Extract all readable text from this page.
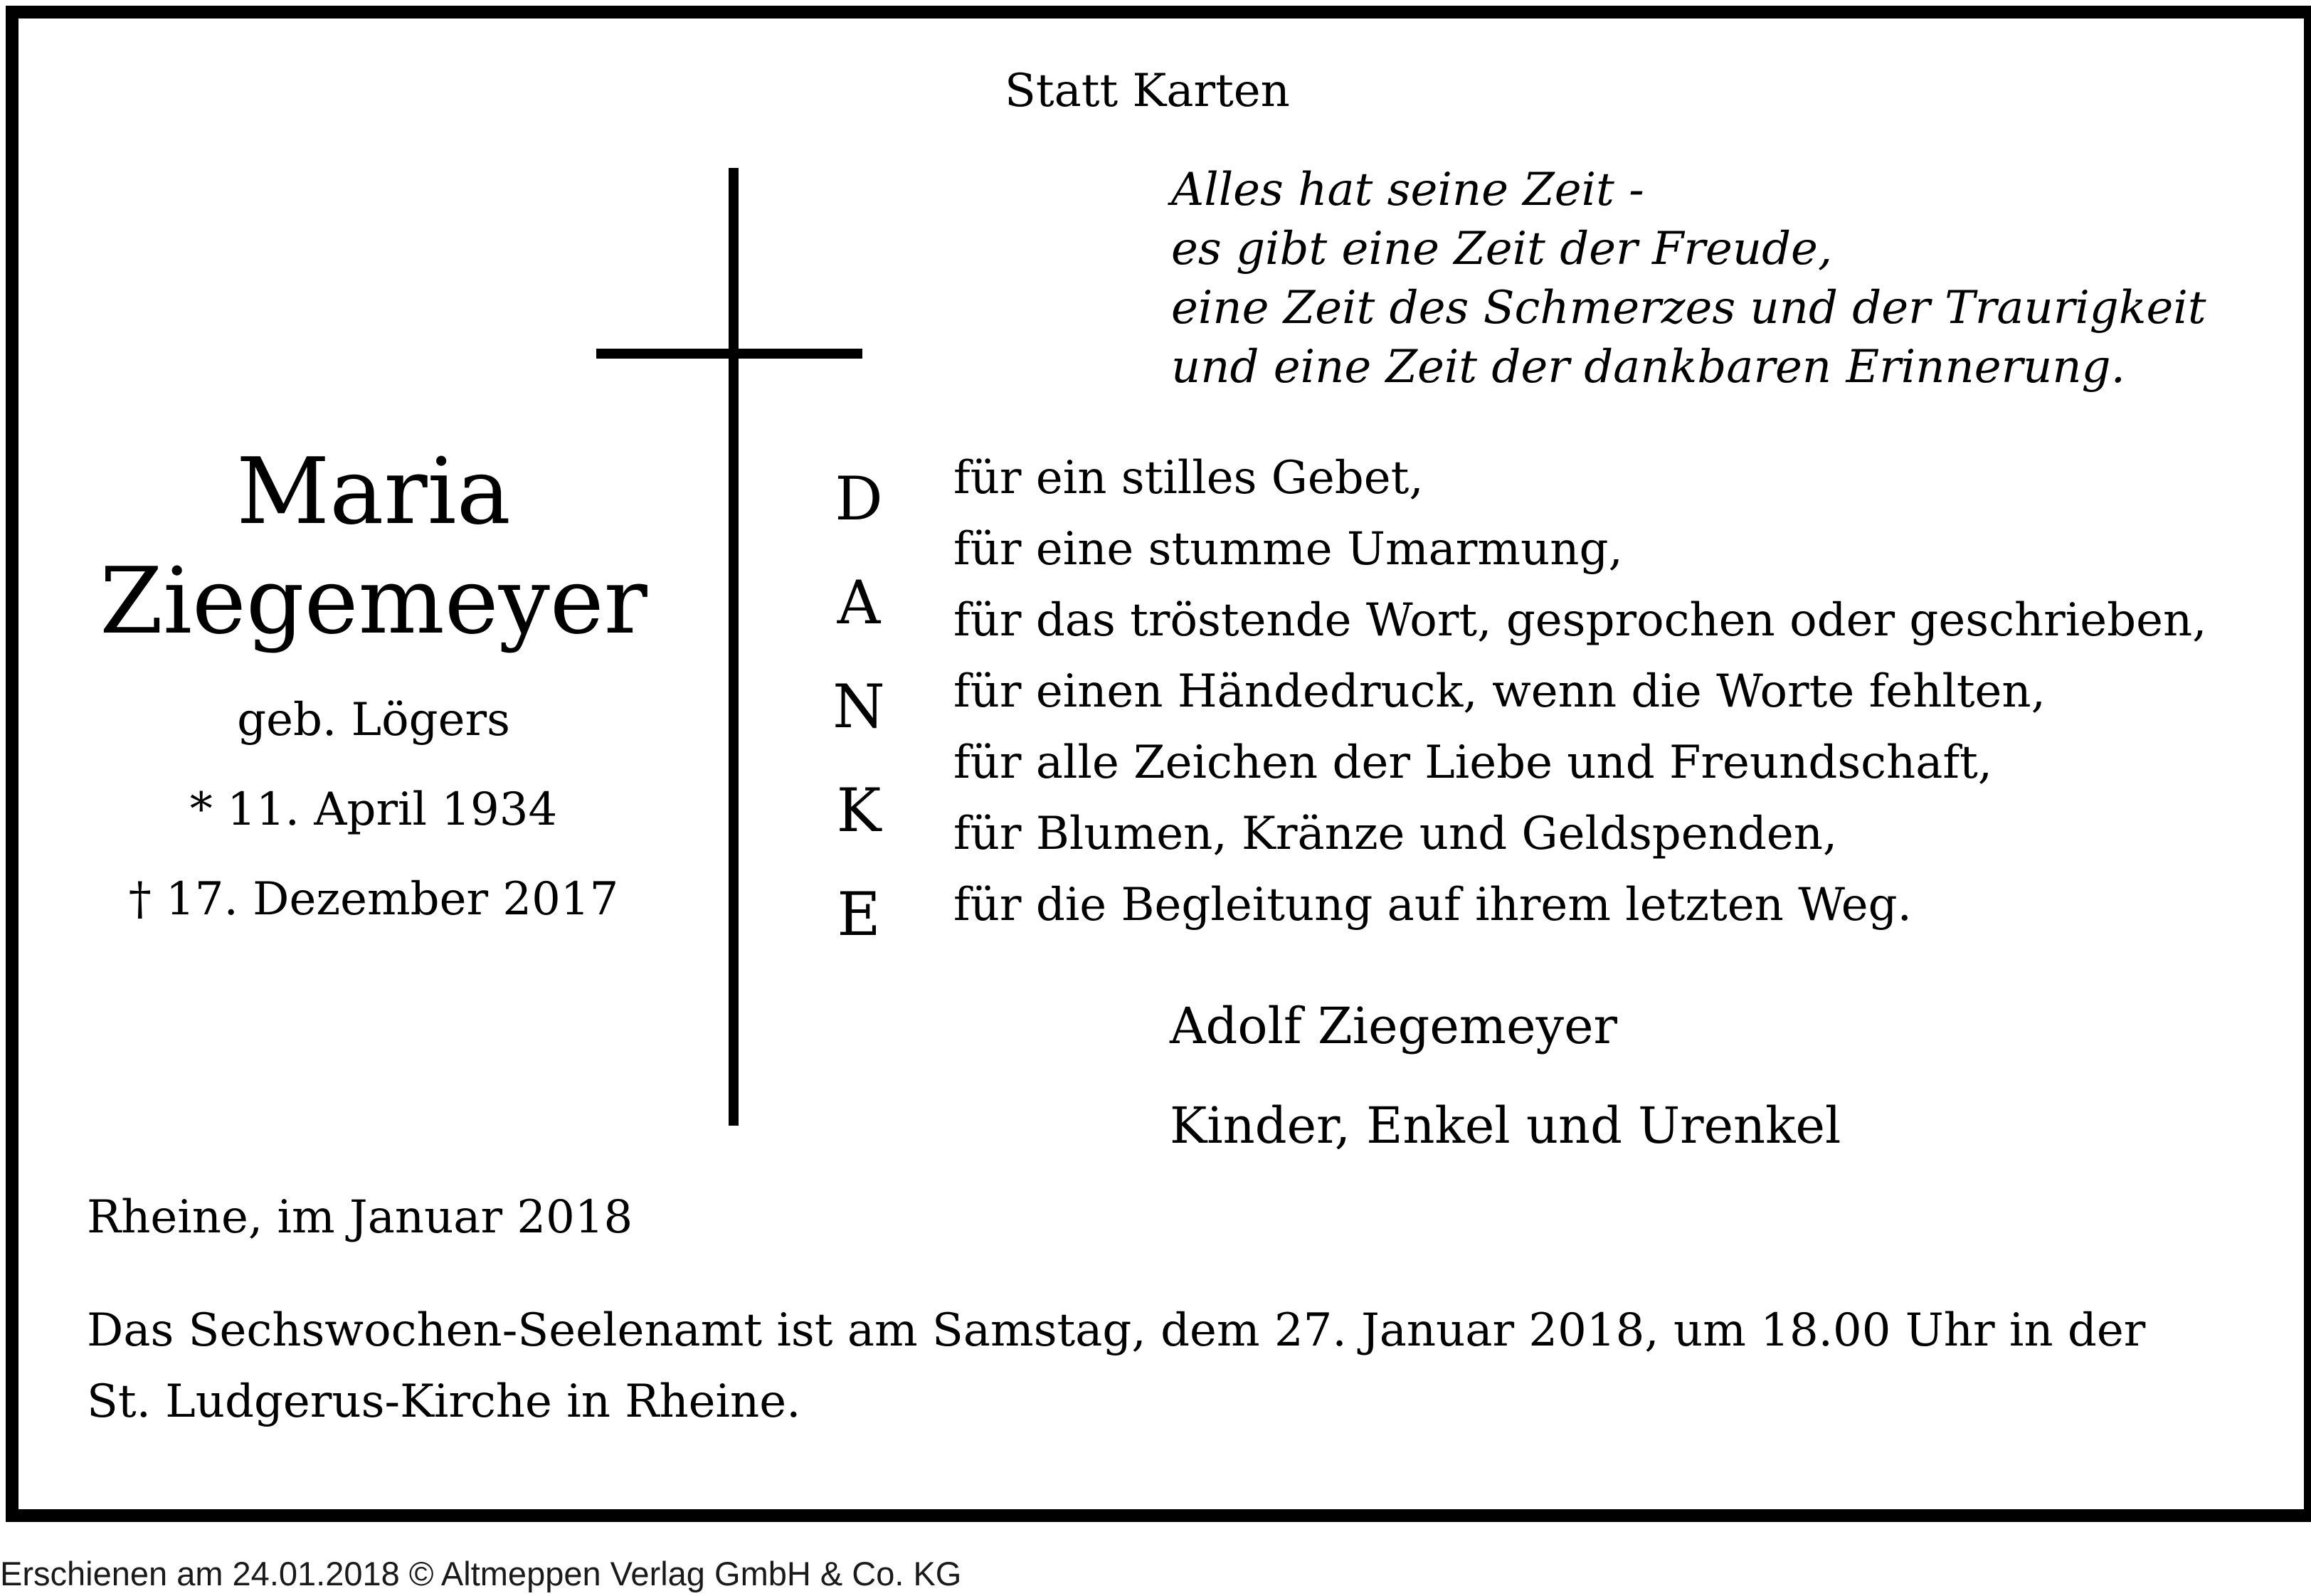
Statt Karten
Alles hat seine Zeit -
es gibt eine Zeit der Freude,
eine Zeit des Schmerzes und der Traurigkeit
und eine Zeit der dankbaren Erinnerung.
Maria
Ziegemeyer
geb. Lögers
* 11. April 1934
† 17. Dezember 2017
D
A
N
K
E
für ein stilles Gebet,
für eine stumme Umarmung,
für das tröstende Wort, gesprochen oder geschrieben,
für einen Händedruck, wenn die Worte fehlten,
für alle Zeichen der Liebe und Freundschaft,
für Blumen, Kränze und Geldspenden,
für die Begleitung auf ihrem letzten Weg.
Adolf Ziegemeyer
Kinder, Enkel und Urenkel
Rheine, im Januar 2018
Das Sechswochen-Seelenamt ist am Samstag, dem 27. Januar 2018, um 18.00 Uhr in der
St. Ludgerus-Kirche in Rheine.
Erschienen am 24.01.2018 © Altmeppen Verlag GmbH & Co. KG
